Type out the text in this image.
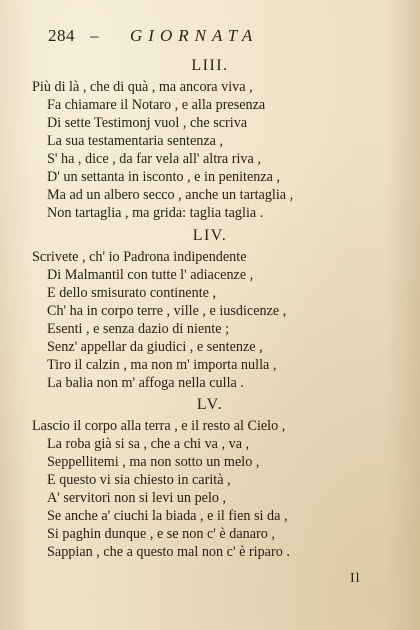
284 – GIORNATA
LIII.
Più di là , che di quà , ma ancora viva ,
Fa chiamare il Notaro , e alla presenza
Di sette Testimonj vuol , che scriva
La sua testamentaria sentenza ,
S' ha , dice , da far vela all' altra riva ,
D' un settanta in isconto , e in penitenza ,
Ma ad un albero secco , anche un tartaglia ,
Non tartaglia , ma grida: taglia taglia .
LIV.
Scrivete , ch' io Padrona indipendente
Di Malmantil con tutte l' adiacenze ,
E dello smisurato continente ,
Ch' ha in corpo terre , ville , e iusdicenze ,
Esenti , e senza dazio di niente ;
Senz' appellar da giudici , e sentenze ,
Tiro il calzin , ma non m' importa nulla ,
La balia non m' affoga nella culla .
LV.
Lascio il corpo alla terra , e il resto al Cielo ,
La roba già si sa , che a chi va , va ,
Seppellitemi , ma non sotto un melo ,
E questo vi sia chiesto in carità ,
A' servitori non si levi un pelo ,
Se anche a' ciuchi la biada , e il fien si da ,
Si paghin dunque , e se non c' è danaro ,
Sappian , che a questo mal non c' è riparo .
Il
